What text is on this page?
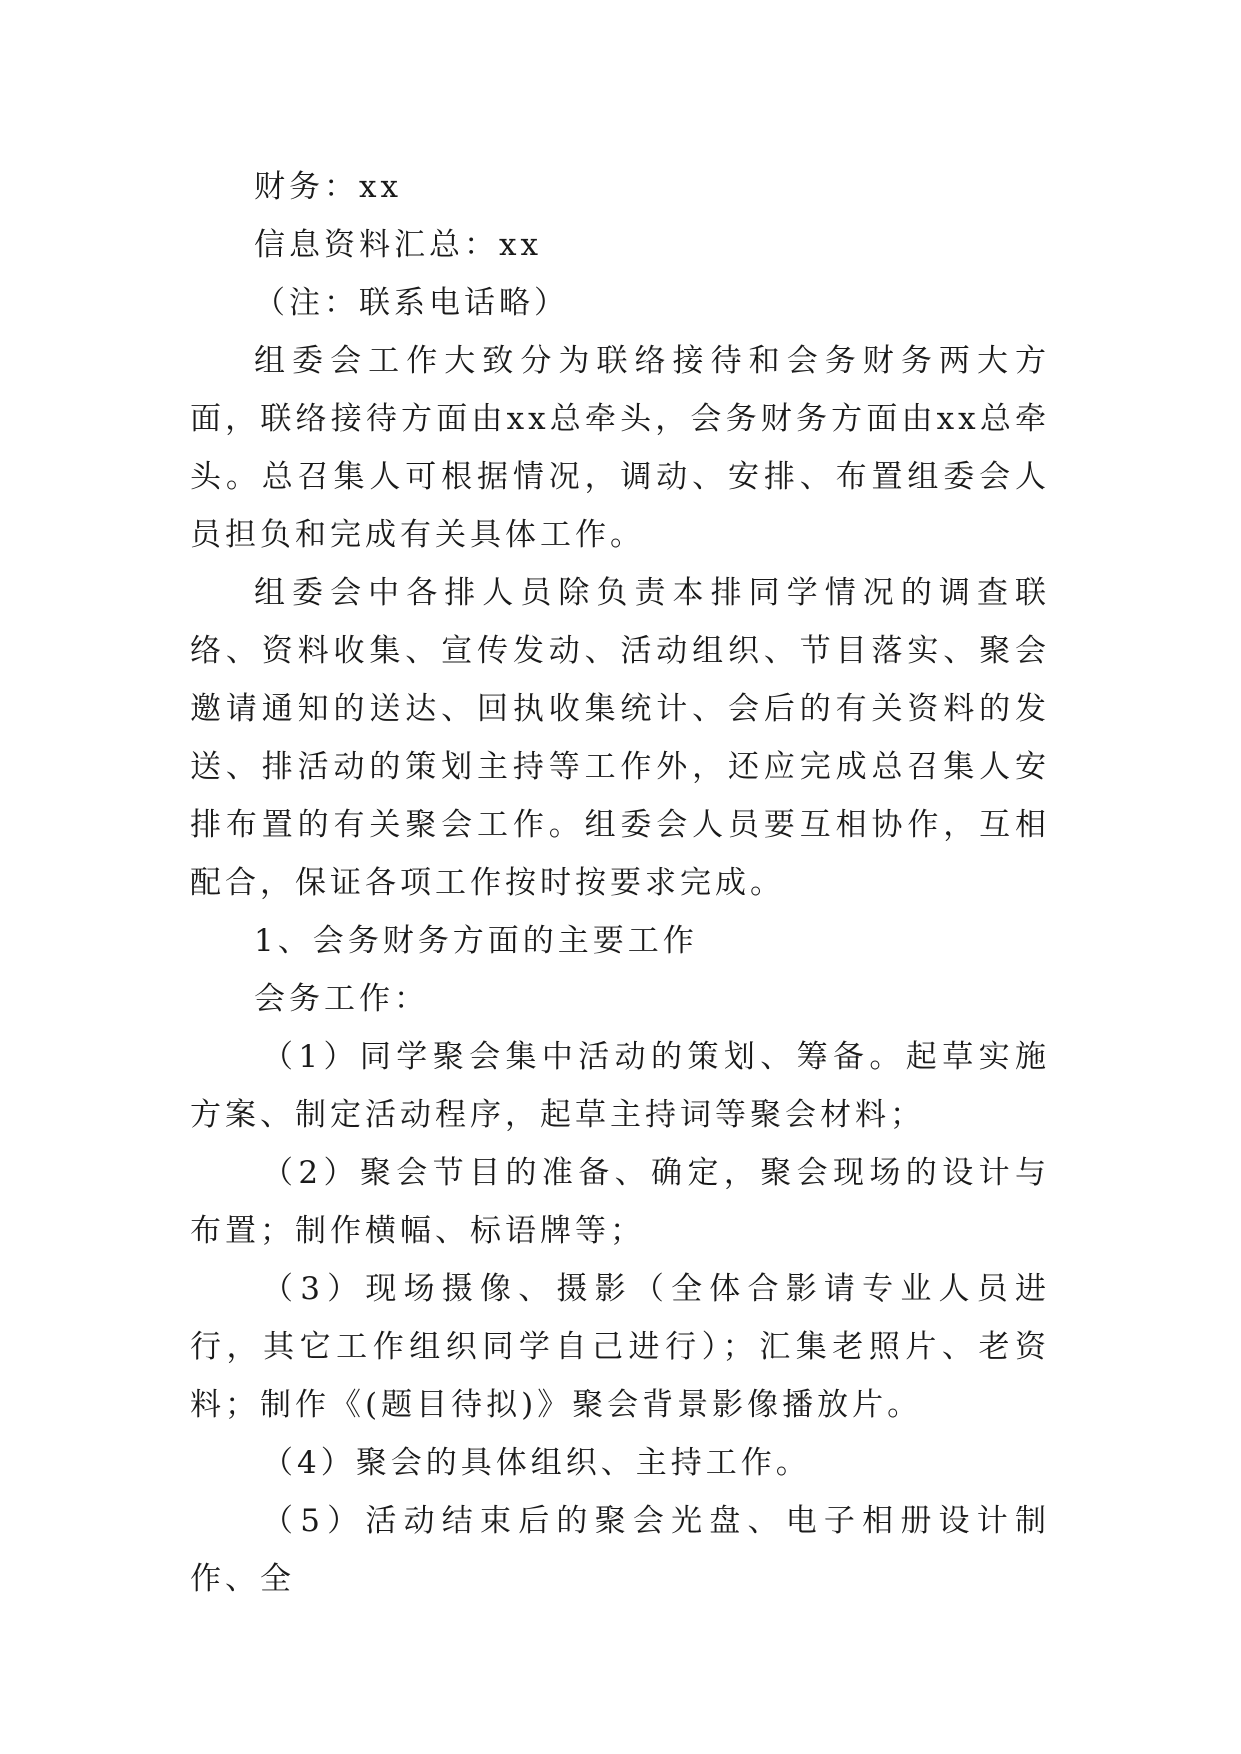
财务：xx

信息资料汇总：xx

（注：联系电话略）

组委会工作大致分为联络接待和会务财务两大方面，联络接待方面由xx总牵头，会务财务方面由xx总牵头。总召集人可根据情况，调动、安排、布置组委会人员担负和完成有关具体工作。

组委会中各排人员除负责本排同学情况的调查联络、资料收集、宣传发动、活动组织、节目落实、聚会邀请通知的送达、回执收集统计、会后的有关资料的发送、排活动的策划主持等工作外，还应完成总召集人安排布置的有关聚会工作。组委会人员要互相协作，互相配合，保证各项工作按时按要求完成。

1、会务财务方面的主要工作

会务工作：

（1）同学聚会集中活动的策划、筹备。起草实施方案、制定活动程序，起草主持词等聚会材料；

（2）聚会节目的准备、确定，聚会现场的设计与布置；制作横幅、标语牌等；

（3）现场摄像、摄影（全体合影请专业人员进行，其它工作组织同学自己进行）；汇集老照片、老资料；制作《(题目待拟)》聚会背景影像播放片。

（4）聚会的具体组织、主持工作。

（5）活动结束后的聚会光盘、电子相册设计制作、全
